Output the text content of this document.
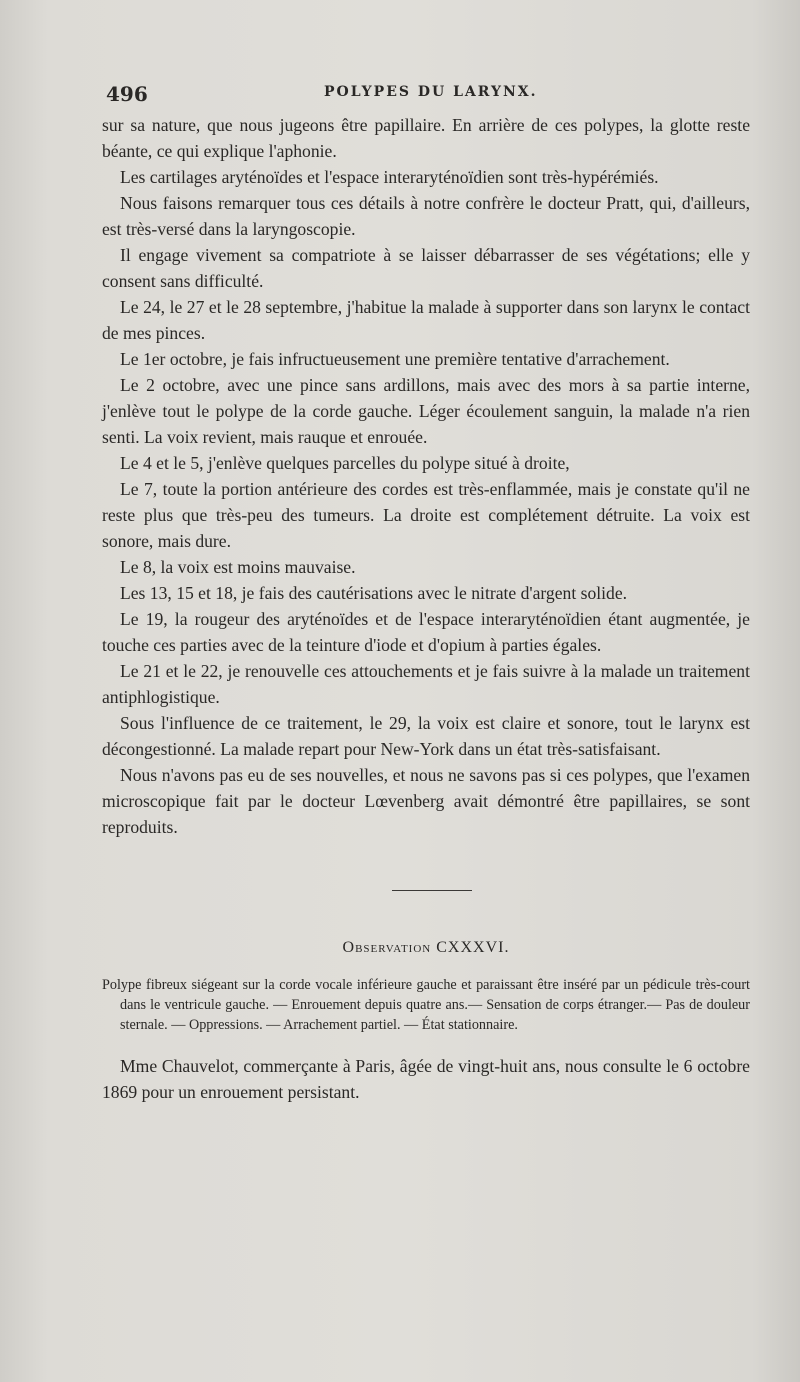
496	POLYPES DU LARYNX.

sur sa nature, que nous jugeons être papillaire. En arrière de ces polypes, la glotte reste béante, ce qui explique l'aphonie.

Les cartilages aryténoïdes et l'espace interaryténoïdien sont très-hypérémiés.

Nous faisons remarquer tous ces détails à notre confrère le docteur Pratt, qui, d'ailleurs, est très-versé dans la laryngoscopie.

Il engage vivement sa compatriote à se laisser débarrasser de ses végétations; elle y consent sans difficulté.

Le 24, le 27 et le 28 septembre, j'habitue la malade à supporter dans son larynx le contact de mes pinces.

Le 1er octobre, je fais infructueusement une première tentative d'arrachement.

Le 2 octobre, avec une pince sans ardillons, mais avec des mors à sa partie interne, j'enlève tout le polype de la corde gauche. Léger écoulement sanguin, la malade n'a rien senti. La voix revient, mais rauque et enrouée.

Le 4 et le 5, j'enlève quelques parcelles du polype situé à droite,

Le 7, toute la portion antérieure des cordes est très-enflammée, mais je constate qu'il ne reste plus que très-peu des tumeurs. La droite est complétement détruite. La voix est sonore, mais dure.

Le 8, la voix est moins mauvaise.

Les 13, 15 et 18, je fais des cautérisations avec le nitrate d'argent solide.

Le 19, la rougeur des aryténoïdes et de l'espace interaryténoïdien étant augmentée, je touche ces parties avec de la teinture d'iode et d'opium à parties égales.

Le 21 et le 22, je renouvelle ces attouchements et je fais suivre à la malade un traitement antiphlogistique.

Sous l'influence de ce traitement, le 29, la voix est claire et sonore, tout le larynx est décongestionné. La malade repart pour New-York dans un état très-satisfaisant.

Nous n'avons pas eu de ses nouvelles, et nous ne savons pas si ces polypes, que l'examen microscopique fait par le docteur Lœvenberg avait démontré être papillaires, se sont reproduits.

Observation CXXXVI.
Polype fibreux siégeant sur la corde vocale inférieure gauche et paraissant être inséré par un pédicule très-court dans le ventricule gauche. — Enrouement depuis quatre ans.— Sensation de corps étranger.— Pas de douleur sternale. — Oppressions. — Arrachement partiel. — État stationnaire.

Mme Chauvelot, commerçante à Paris, âgée de vingt-huit ans, nous consulte le 6 octobre 1869 pour un enrouement persistant.
